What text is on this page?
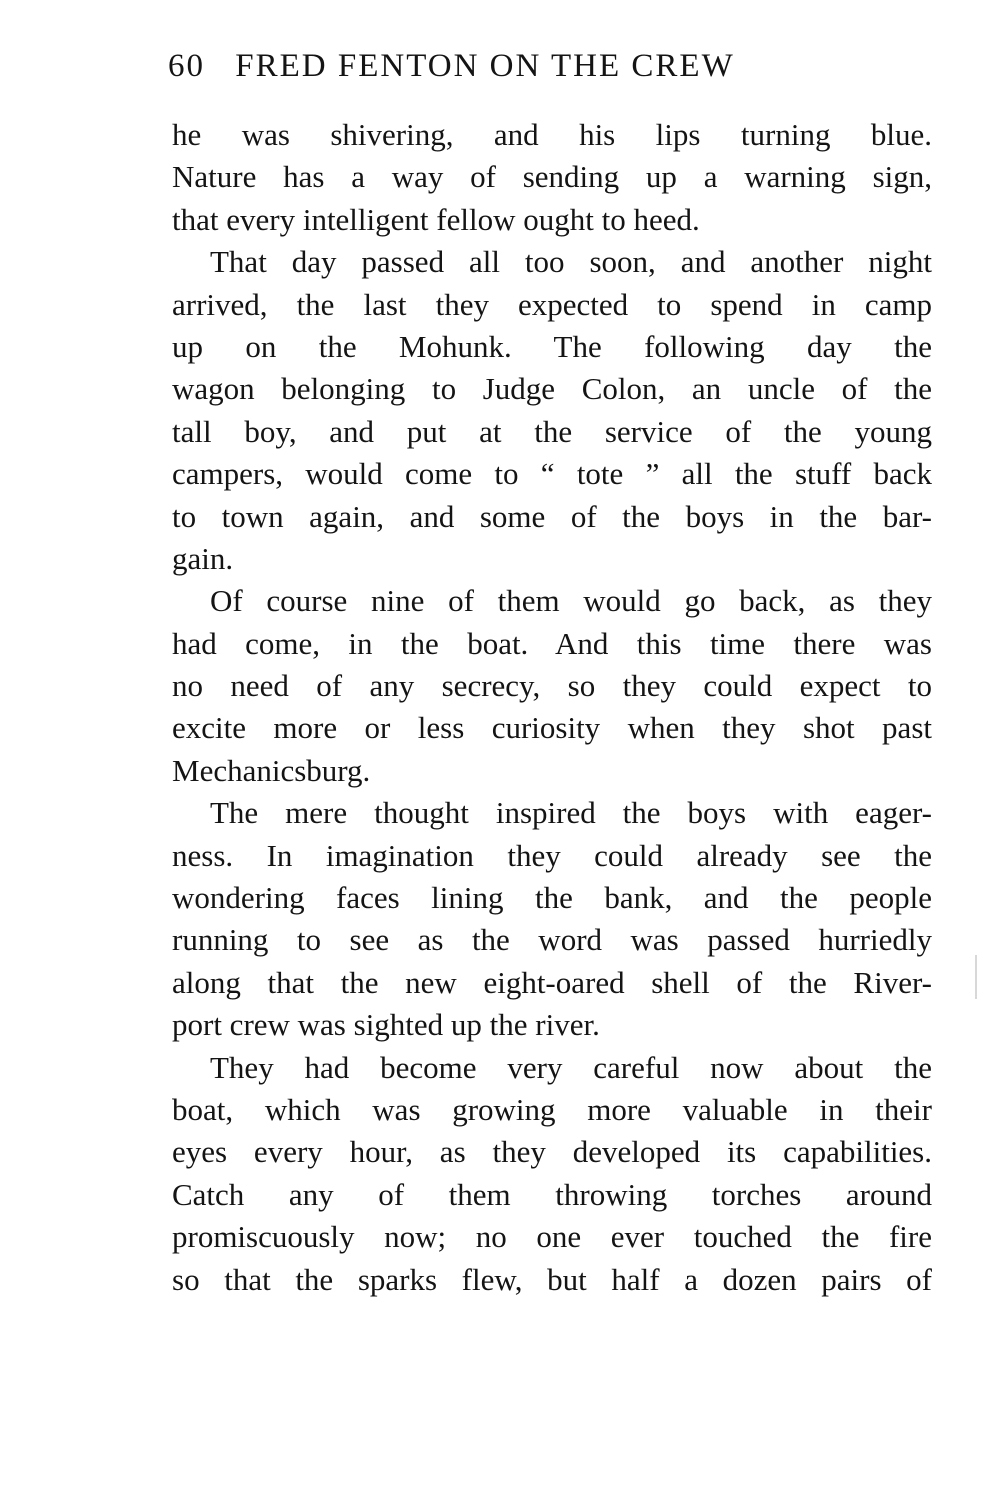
60 FRED FENTON ON THE CREW
he was shivering, and his lips turning blue.
Nature has a way of sending up a warning sign,
that every intelligent fellow ought to heed.
That day passed all too soon, and another night
arrived, the last they expected to spend in camp
up on the Mohunk. The following day the
wagon belonging to Judge Colon, an uncle of the
tall boy, and put at the service of the young
campers, would come to “ tote ” all the stuff back
to town again, and some of the boys in the bar-
gain.
Of course nine of them would go back, as they
had come, in the boat. And this time there was
no need of any secrecy, so they could expect to
excite more or less curiosity when they shot past
Mechanicsburg.
The mere thought inspired the boys with eager-
ness. In imagination they could already see the
wondering faces lining the bank, and the people
running to see as the word was passed hurriedly
along that the new eight-oared shell of the River-
port crew was sighted up the river.
They had become very careful now about the
boat, which was growing more valuable in their
eyes every hour, as they developed its capabilities.
Catch any of them throwing torches around
promiscuously now; no one ever touched the fire
so that the sparks flew, but half a dozen pairs of
